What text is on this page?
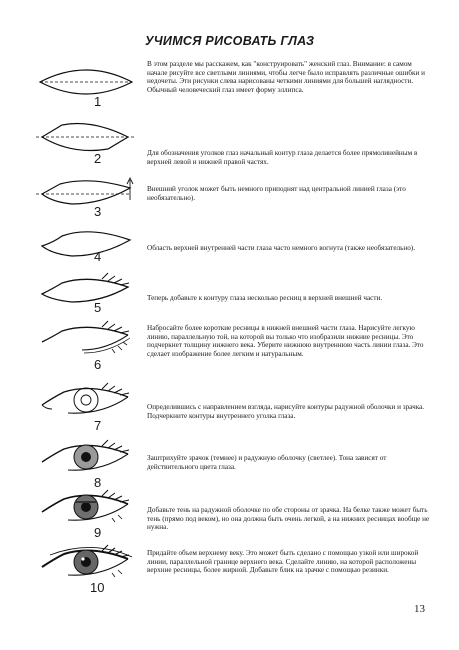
УЧИМСЯ РИСОВАТЬ ГЛАЗ
В этом разделе мы расскажем, как "конструировать" женский глаз. Внимание: в самом начале рисуйте все светлыми линиями, чтобы легче было исправлять различные ошибки и недочеты. Эти рисунки слева нарисованы четкими линиями для большей наглядности. Обычный человеческий глаз имеет форму эллипса.
1
Для обозначения уголков глаз начальный контур глаза делается более прямолинейным в верхней левой и нижней правой частях.
2
Внешний уголок может быть немного приподнят над центральной линией глаза (это необязательно).
3
Область верхней внутренней части глаза часто немного вогнута (также необязательно).
4
Теперь добавьте к контуру глаза несколько ресниц в верхней внешней части.
5
Набросайте более короткие ресницы в нижней внешней части глаза. Нарисуйте легкую линию, параллельную той, на которой вы только что изобразили нижние ресницы. Это подчеркнет толщину нижнего века. Уберите нижнюю внутреннюю часть линии глаза. Это сделает изображение более легким и натуральным.
6
Определившись с направлением взгляда, нарисуйте контуры радужной оболочки и зрачка. Подчеркните контуры внутреннего уголка глаза.
7
Заштрихуйте зрачок (темнее) и радужную оболочку (светлее). Тона зависят от действительного цвета глаза.
8
Добавьте тень на радужной оболочке по обе стороны от зрачка. На белке также может быть тень (прямо под веком), но она должна быть очень легкой, а на нижних ресницах вообще не нужна.
9
Придайте объем верхнему веку. Это может быть сделано с помощью узкой или широкой линии, параллельной границе верхнего века. Сделайте линию, на которой расположены верхние ресницы, более жирной. Добавьте блик на зрачке с помощью резинки.
10
13
